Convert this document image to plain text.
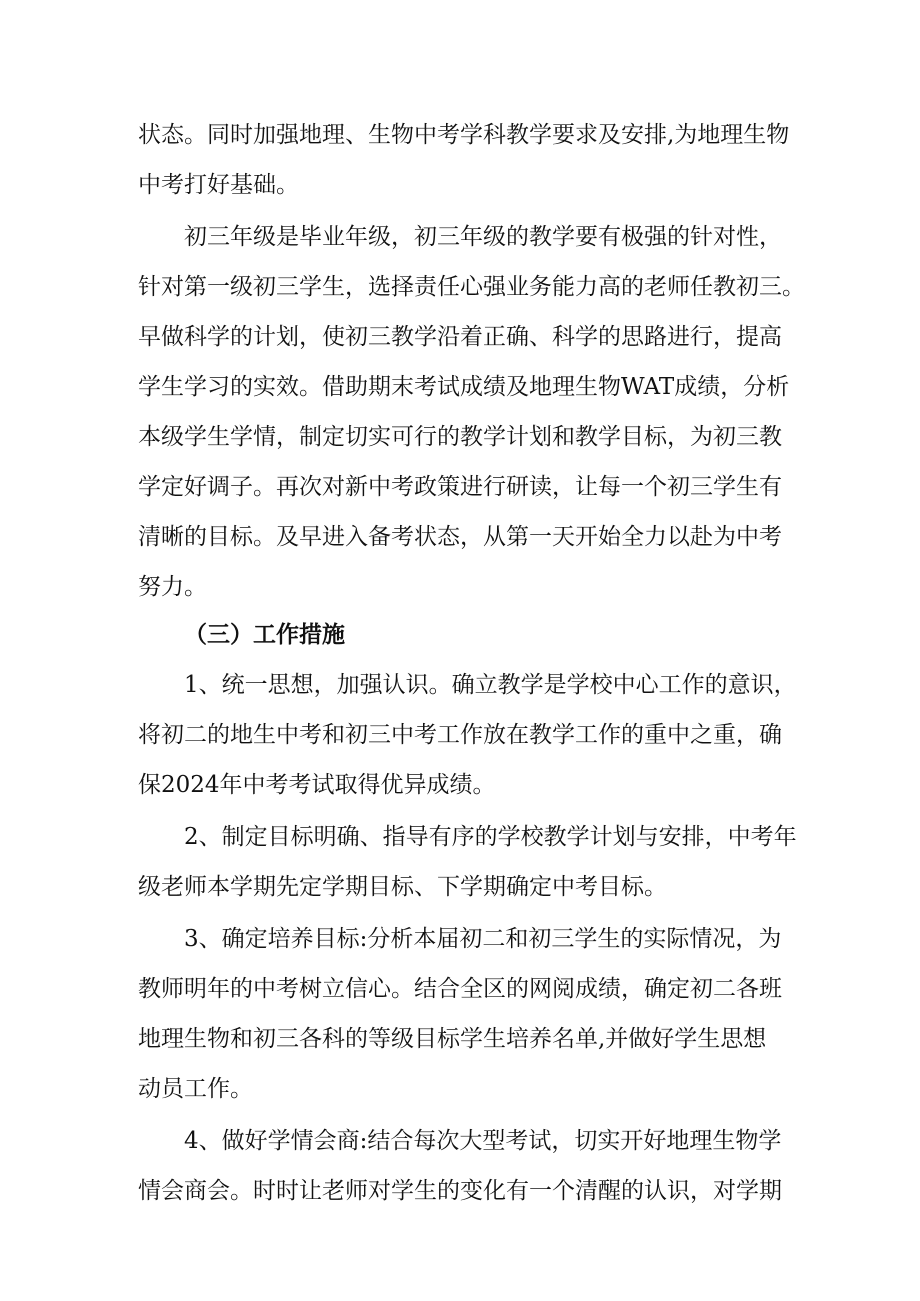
状态。同时加强地理、生物中考学科教学要求及安排,为地理生物

中考打好基础。

初三年级是毕业年级，初三年级的教学要有极强的针对性，

针对第一级初三学生，选择责任心强业务能力高的老师任教初三。

早做科学的计划，使初三教学沿着正确、科学的思路进行，提高

学生学习的实效。借助期末考试成绩及地理生物WAT成绩，分析

本级学生学情，制定切实可行的教学计划和教学目标，为初三教

学定好调子。再次对新中考政策进行研读，让每一个初三学生有

清晰的目标。及早进入备考状态，从第一天开始全力以赴为中考

努力。

（三）工作措施

1、统一思想，加强认识。确立教学是学校中心工作的意识，

将初二的地生中考和初三中考工作放在教学工作的重中之重，确

保2024年中考考试取得优异成绩。

2、制定目标明确、指导有序的学校教学计划与安排，中考年

级老师本学期先定学期目标、下学期确定中考目标。

3、确定培养目标:分析本届初二和初三学生的实际情况，为

教师明年的中考树立信心。结合全区的网阅成绩，确定初二各班

地理生物和初三各科的等级目标学生培养名单,并做好学生思想

动员工作。

4、做好学情会商:结合每次大型考试，切实开好地理生物学

情会商会。时时让老师对学生的变化有一个清醒的认识，对学期
